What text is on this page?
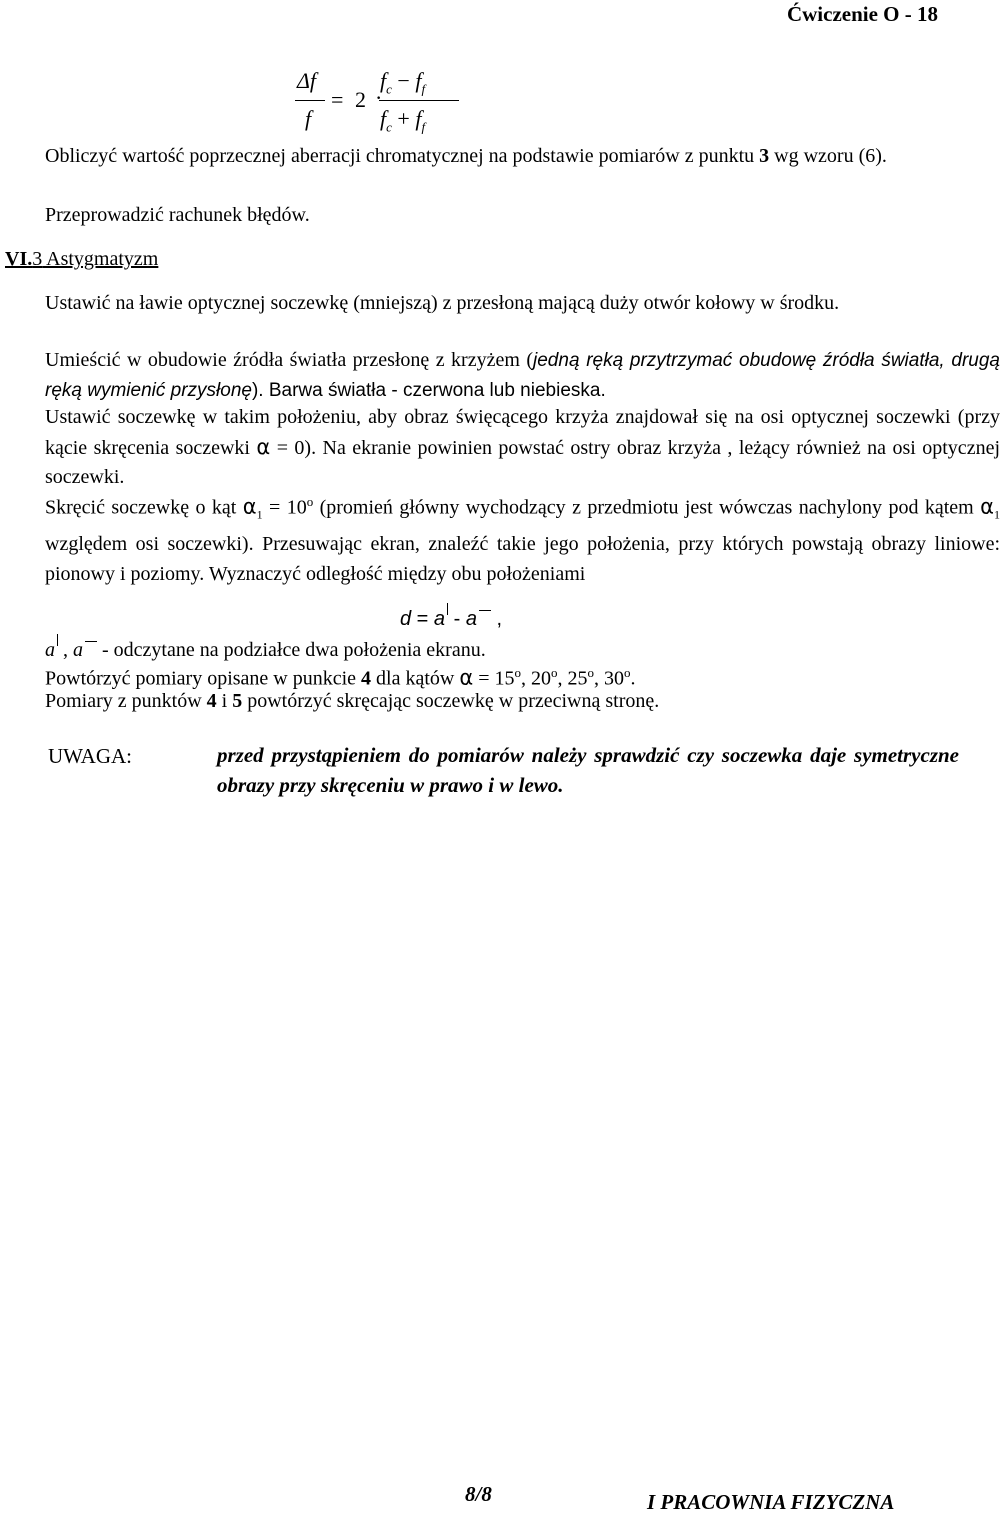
Ćwiczenie O - 18
Δf
f
= 2 ·
$f_c - f_f$
$f_c + f_f$
Obliczyć wartość poprzecznej aberracji chromatycznej na podstawie pomiarów z punktu 3 wg wzoru (6).
Przeprowadzić rachunek błędów.
VI.3 Astygmatyzm
Ustawić na ławie optycznej soczewkę (mniejszą) z przesłoną mającą duży otwór kołowy w środku.
Umieścić w obudowie źródła światła przesłonę z krzyżem (jedną ręką przytrzymać obudowę źródła światła, drugą ręką wymienić przysłonę). Barwa światła - czerwona lub niebieska.
Ustawić soczewkę w takim położeniu, aby obraz święcącego krzyża znajdował się na osi optycznej soczewki (przy kącie skręcenia soczewki α = 0). Na ekranie powinien powstać ostry obraz krzyża , leżący również na osi optycznej soczewki.
Skręcić soczewkę o kąt $\alpha_1 = 10^o$ (promień główny wychodzący z przedmiotu jest wówczas nachylony pod kątem $\alpha_1$ względem osi soczewki). Przesuwając ekran, znaleźć takie jego położenia, przy których powstają obrazy liniowe: pionowy i poziomy. Wyznaczyć odległość między obu położeniami
d = a - a ,
a , a - odczytane na podziałce dwa położenia ekranu.
Powtórzyć pomiary opisane w punkcie 4 dla kątów $\alpha = 15^o$, 20$^o$, 25$^o$, 30$^o$.
Pomiary z punktów 4 i 5 powtórzyć skręcając soczewkę w przeciwną stronę.
UWAGA:	przed przystąpieniem do pomiarów należy sprawdzić czy soczewka daje symetryczne obrazy przy skręceniu w prawo i w lewo.
8/8	I PRACOWNIA FIZYCZNA
